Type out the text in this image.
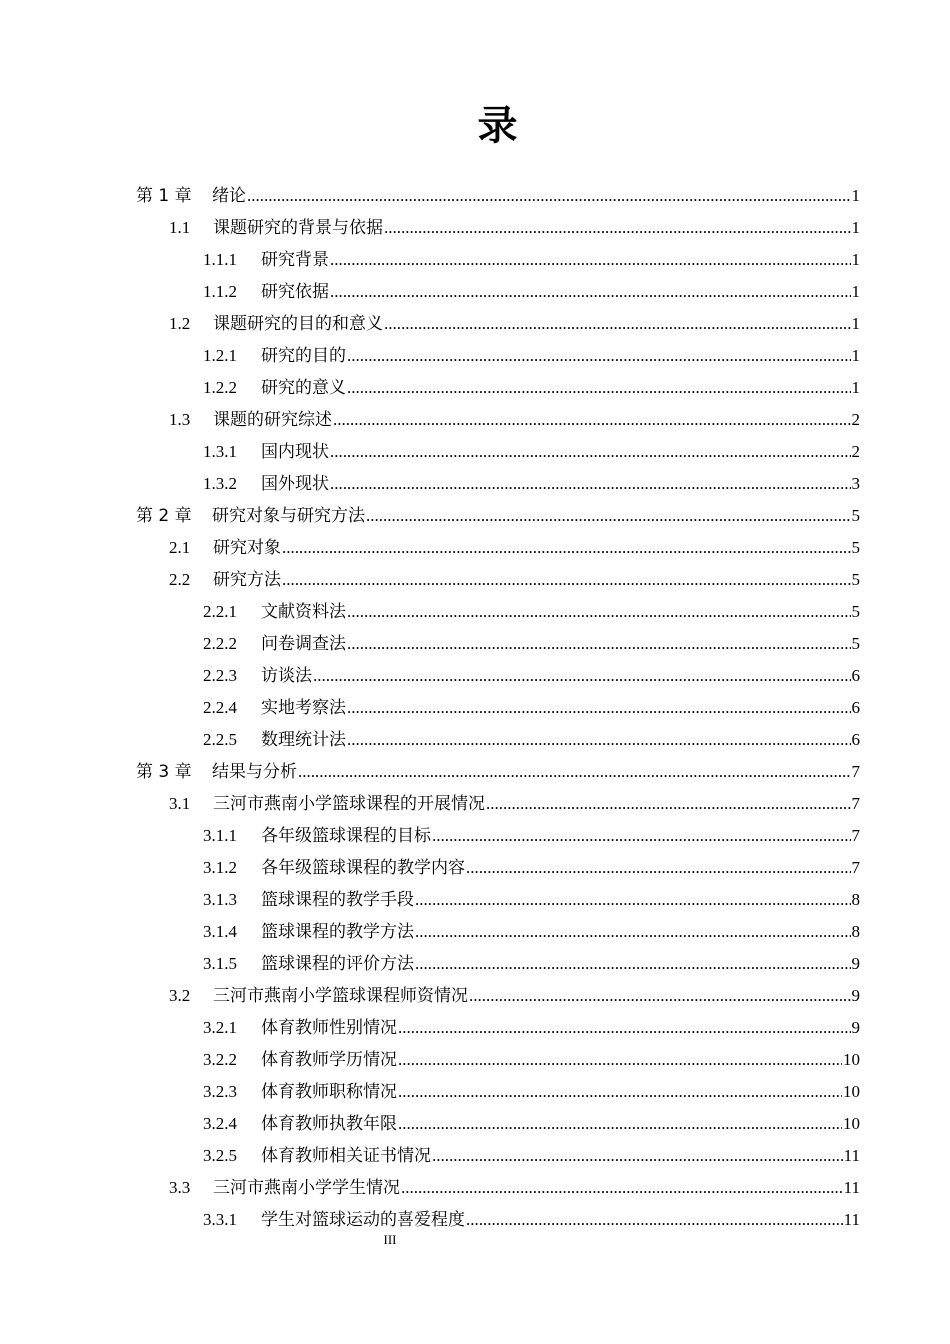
录
第 1 章	绪论 .....	1
1.1	课题研究的背景与依据 .....	1
1.1.1	研究背景 .....	1
1.1.2	研究依据 .....	1
1.2	课题研究的目的和意义 .....	1
1.2.1	研究的目的 .....	1
1.2.2	研究的意义 .....	1
1.3	课题的研究综述 .....	2
1.3.1	国内现状 .....	2
1.3.2	国外现状 .....	3
第 2 章	研究对象与研究方法 .....	5
2.1	研究对象 .....	5
2.2	研究方法 .....	5
2.2.1	文献资料法 .....	5
2.2.2	问卷调查法 .....	5
2.2.3	访谈法 .....	6
2.2.4	实地考察法 .....	6
2.2.5	数理统计法 .....	6
第 3 章	结果与分析 .....	7
3.1	三河市燕南小学篮球课程的开展情况 .....	7
3.1.1	各年级篮球课程的目标 .....	7
3.1.2	各年级篮球课程的教学内容 .....	7
3.1.3	篮球课程的教学手段 .....	8
3.1.4	篮球课程的教学方法 .....	8
3.1.5	篮球课程的评价方法 .....	9
3.2	三河市燕南小学篮球课程师资情况 .....	9
3.2.1	体育教师性别情况 .....	9
3.2.2	体育教师学历情况 .....	10
3.2.3	体育教师职称情况 .....	10
3.2.4	体育教师执教年限 .....	10
3.2.5	体育教师相关证书情况 .....	11
3.3	三河市燕南小学学生情况 .....	11
3.3.1	学生对篮球运动的喜爱程度 .....	11
III
